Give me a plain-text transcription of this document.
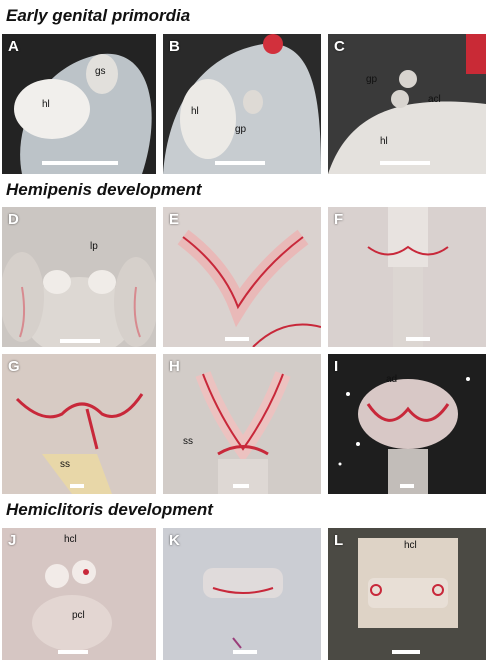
Early genital primordia
Hemipenis development
Hemiclitoris development
A
gs
hl
B
hl
gp
C
gp
acl
hl
D
lp
E	F
G
ss
H
ss
I
ad
J	hcl
pcl
K	L	hcl
